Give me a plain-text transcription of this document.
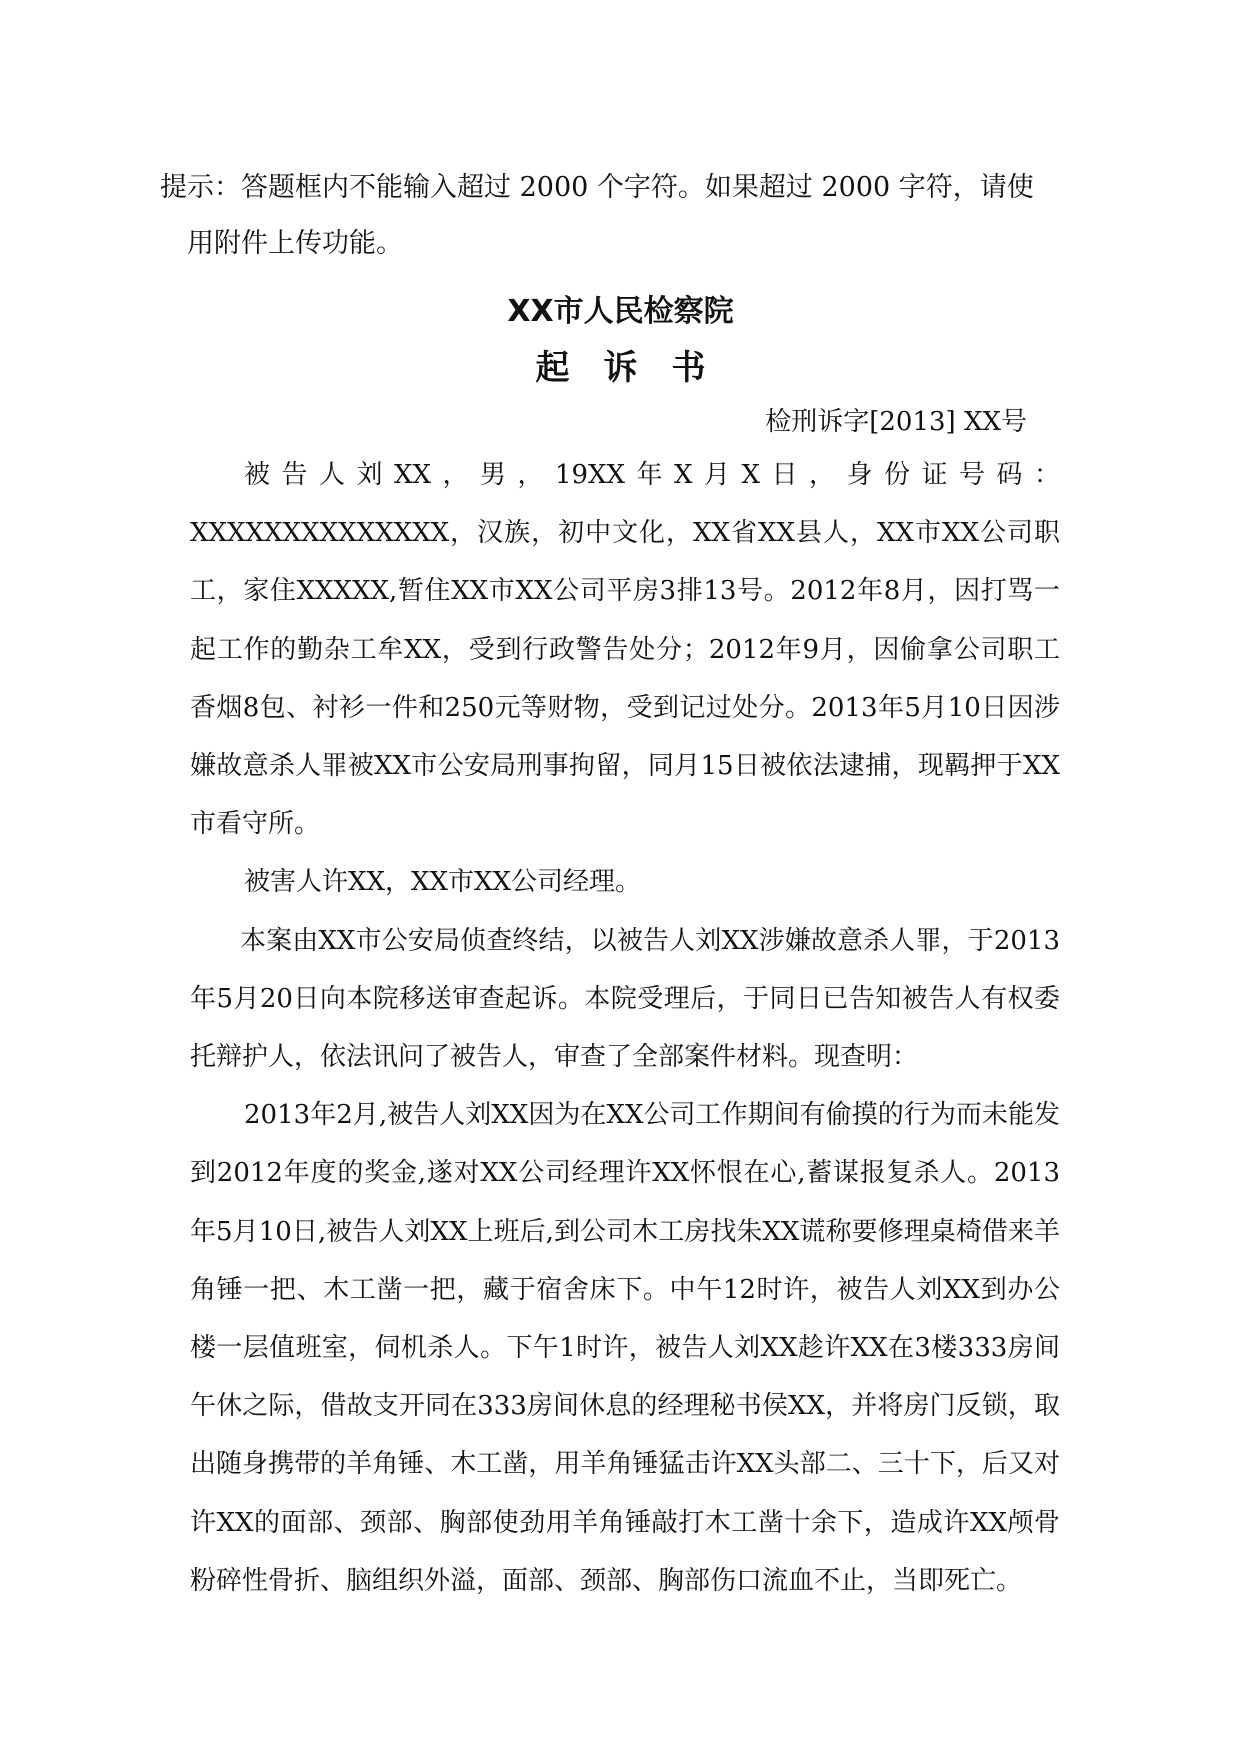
提示：答题框内不能输入超过 2000 个字符。如果超过 2000 字符，请使
用附件上传功能。

XX市人民检察院
起诉书

检刑诉字[2013] XX号

被告人刘XX，男，19XX年X月X日，身份证号码：XXXXXXXXXXXXXX，汉族，初中文化，XX省XX县人，XX市XX公司职工，家住XXXXX,暂住XX市XX公司平房3排13号。2012年8月，因打骂一起工作的勤杂工牟XX，受到行政警告处分；2012年9月，因偷拿公司职工香烟8包、衬衫一件和250元等财物，受到记过处分。2013年5月10日因涉嫌故意杀人罪被XX市公安局刑事拘留，同月15日被依法逮捕，现羁押于XX市看守所。

被害人许XX，XX市XX公司经理。

本案由XX市公安局侦查终结，以被告人刘XX涉嫌故意杀人罪，于2013年5月20日向本院移送审查起诉。本院受理后，于同日已告知被告人有权委托辩护人，依法讯问了被告人，审查了全部案件材料。现查明：

2013年2月,被告人刘XX因为在XX公司工作期间有偷摸的行为而未能发到2012年度的奖金,遂对XX公司经理许XX怀恨在心,蓄谋报复杀人。2013年5月10日,被告人刘XX上班后,到公司木工房找朱XX谎称要修理桌椅借来羊角锤一把、木工凿一把，藏于宿舍床下。中午12时许，被告人刘XX到办公楼一层值班室，伺机杀人。下午1时许，被告人刘XX趁许XX在3楼333房间午休之际，借故支开同在333房间休息的经理秘书侯XX，并将房门反锁，取出随身携带的羊角锤、木工凿，用羊角锤猛击许XX头部二、三十下，后又对许XX的面部、颈部、胸部使劲用羊角锤敲打木工凿十余下，造成许XX颅骨粉碎性骨折、脑组织外溢，面部、颈部、胸部伤口流血不止，当即死亡。
